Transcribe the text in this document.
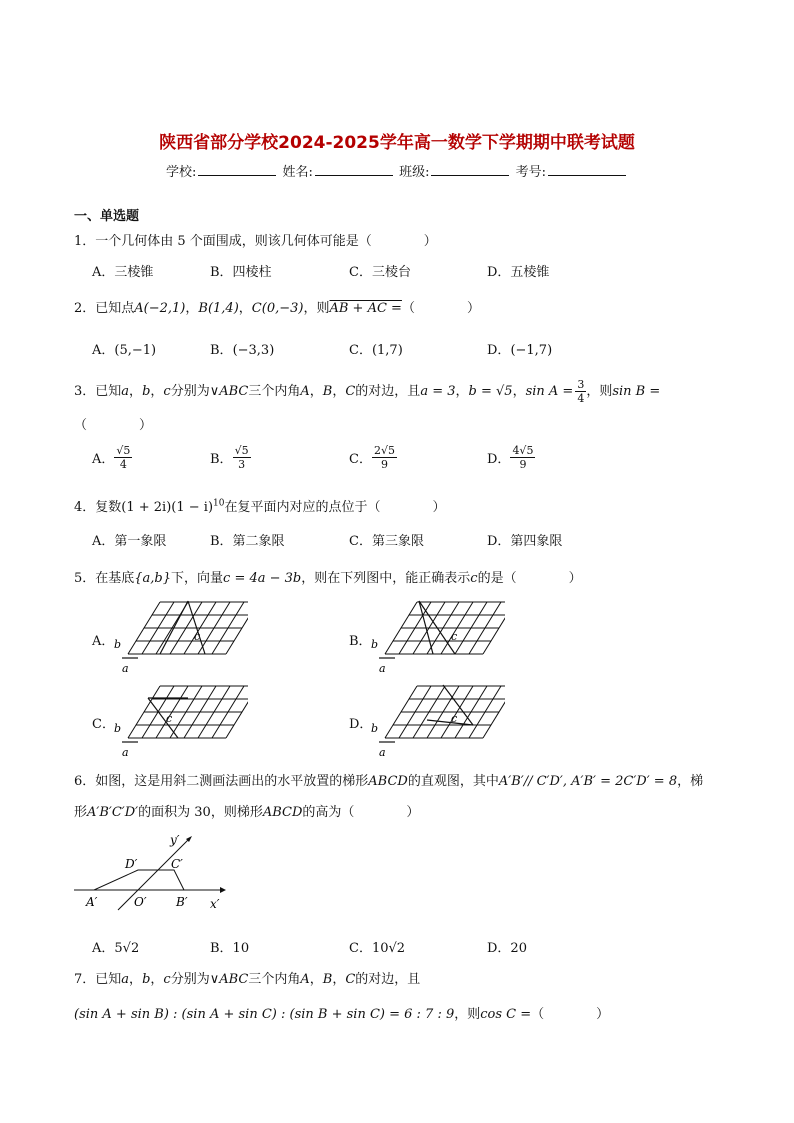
陕西省部分学校2024-2025学年高一数学下学期期中联考试题
学校:	姓名:	班级:	考号:
一、单选题
1．一个几何体由 5 个面围成，则该几何体可能是（　　　　）
A．三棱锥	B．四棱柱	C．三棱台	D．五棱锥
2．已知点A(−2,1)，B(1,4)，C(0,−3)，则AB + AC =（　　　　）
A．(5,−1)	B．(−3,3)	C．(1,7)	D．(−1,7)
3．已知a，b，c分别为∨ABC三个内角A，B，C的对边，且a = 3，b = √5，$\sin A = \frac{3}{4}$ ，则sin B =
（　　　　）
A． $\frac{√5}{4}$	B． $\frac{√5}{3}$	C． $\frac{2√5}{9}$	D． $\frac{4√5}{9}$
4．复数$(1 + 2i)(1 - i)^{10}$在复平面内对应的点位于（　　　　）
A．第一象限	B．第二象限	C．第三象限	D．第四象限
5．在基底{a,b}下，向量c = 4a − 3b，则在下列图中，能正确表示c的是（　　　　）
A．	B．
C．	D．
c
b
a
c
b
a
c
b
a
c
b
a
6．如图，这是用斜二测画法画出的水平放置的梯形ABCD的直观图，其中A′B′// C′D′, A′B′ = 2C′D′ = 8，梯
形A′B′C′D′的面积为 30，则梯形ABCD的高为（　　　　）
y′
x′
D′	C′
A′	O′ B′
A．5√2	B．10	C．10√2	D．20
7．已知a，b，c分别为∨ABC三个内角A，B，C的对边，且
(sin A + sin B) : (sin A + sin C) : (sin B + sin C) = 6 : 7 : 9，则cos C =（　　　　）
